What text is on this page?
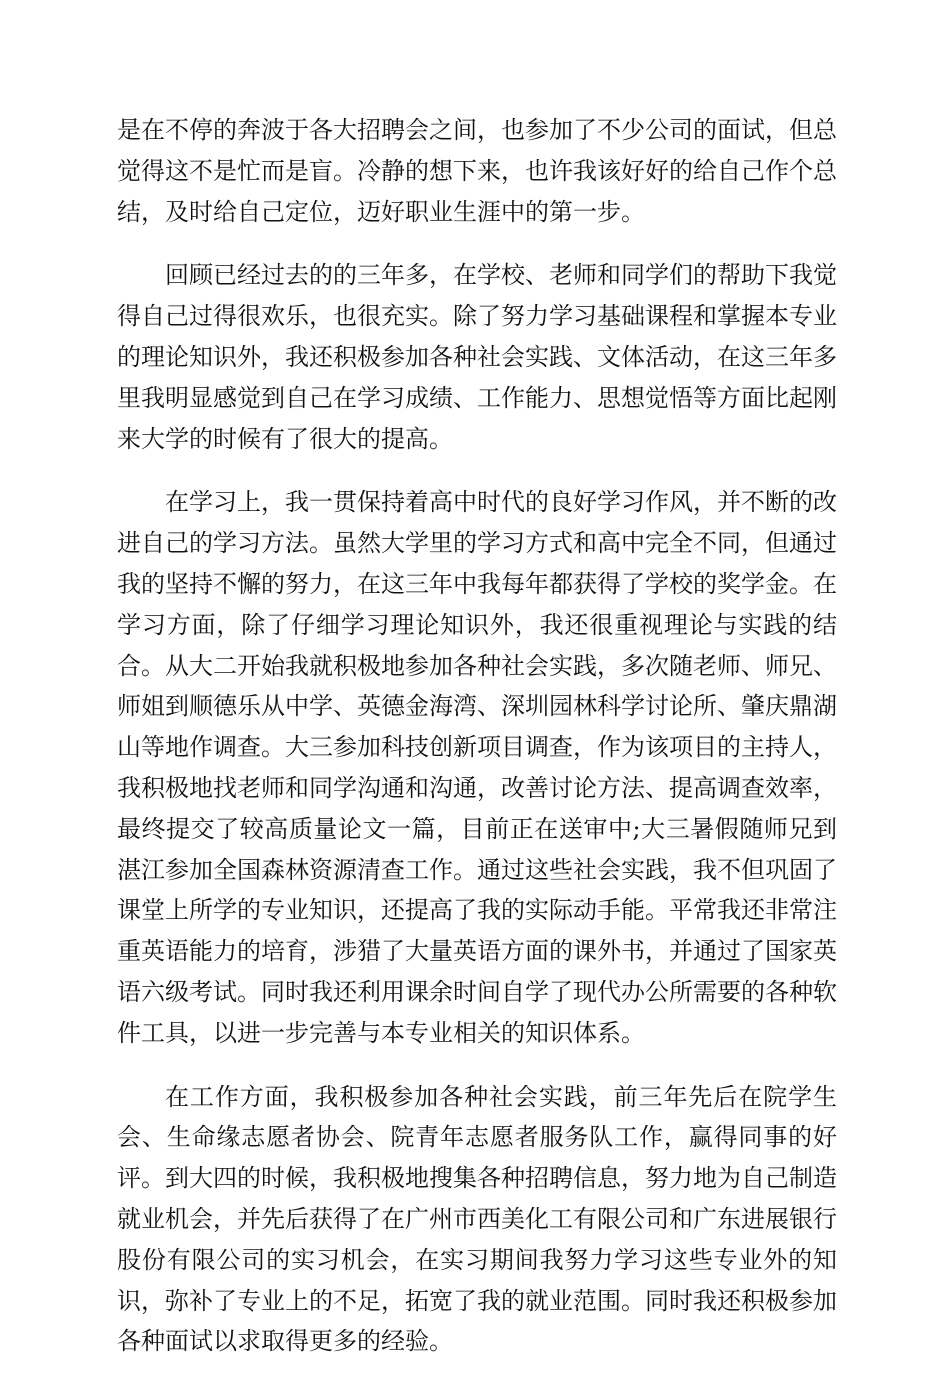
是在不停的奔波于各大招聘会之间，也参加了不少公司的面试，但总觉得这不是忙而是盲。冷静的想下来，也许我该好好的给自己作个总结，及时给自己定位，迈好职业生涯中的第一步。

回顾已经过去的的三年多，在学校、老师和同学们的帮助下我觉得自己过得很欢乐，也很充实。除了努力学习基础课程和掌握本专业的理论知识外，我还积极参加各种社会实践、文体活动，在这三年多里我明显感觉到自己在学习成绩、工作能力、思想觉悟等方面比起刚来大学的时候有了很大的提高。

在学习上，我一贯保持着高中时代的良好学习作风，并不断的改进自己的学习方法。虽然大学里的学习方式和高中完全不同，但通过我的坚持不懈的努力，在这三年中我每年都获得了学校的奖学金。在学习方面，除了仔细学习理论知识外，我还很重视理论与实践的结合。从大二开始我就积极地参加各种社会实践，多次随老师、师兄、师姐到顺德乐从中学、英德金海湾、深圳园林科学讨论所、肇庆鼎湖山等地作调查。大三参加科技创新项目调查，作为该项目的主持人，我积极地找老师和同学沟通和沟通，改善讨论方法、提高调查效率，最终提交了较高质量论文一篇，目前正在送审中;大三暑假随师兄到湛江参加全国森林资源清查工作。通过这些社会实践，我不但巩固了课堂上所学的专业知识，还提高了我的实际动手能。平常我还非常注重英语能力的培育，涉猎了大量英语方面的课外书，并通过了国家英语六级考试。同时我还利用课余时间自学了现代办公所需要的各种软件工具，以进一步完善与本专业相关的知识体系。

在工作方面，我积极参加各种社会实践，前三年先后在院学生会、生命缘志愿者协会、院青年志愿者服务队工作，赢得同事的好评。到大四的时候，我积极地搜集各种招聘信息，努力地为自己制造就业机会，并先后获得了在广州市西美化工有限公司和广东进展银行股份有限公司的实习机会，在实习期间我努力学习这些专业外的知识，弥补了专业上的不足，拓宽了我的就业范围。同时我还积极参加各种面试以求取得更多的经验。
